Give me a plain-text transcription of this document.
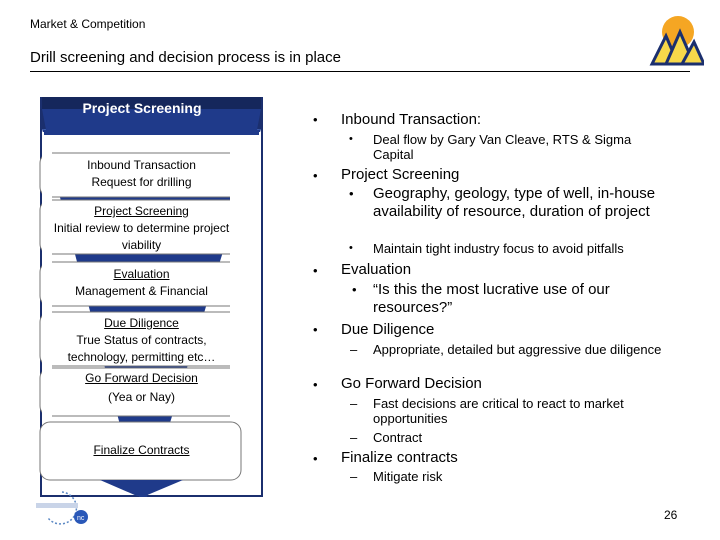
Market & Competition
Drill screening and decision process is in place
Project Screening
Inbound Transaction
Request for drilling
Project Screening
Initial review to determine project viability
Evaluation
Management & Financial
Due Diligence
True Status of contracts, technology, permitting etc…
Go Forward Decision
(Yea or Nay)
Finalize Contracts
• Inbound Transaction:
• Deal flow by Gary Van Cleave, RTS & Sigma Capital
• Project Screening
• Geography, geology, type of well, in-house availability of resource, duration of project
• Maintain tight industry focus to avoid pitfalls
• Evaluation
• “Is this the most lucrative use of our resources?”
• Due Diligence
– Appropriate, detailed but aggressive due diligence
• Go Forward Decision
– Fast decisions are critical to react to market opportunities
– Contract
• Finalize contracts
– Mitigate risk
nc	26
